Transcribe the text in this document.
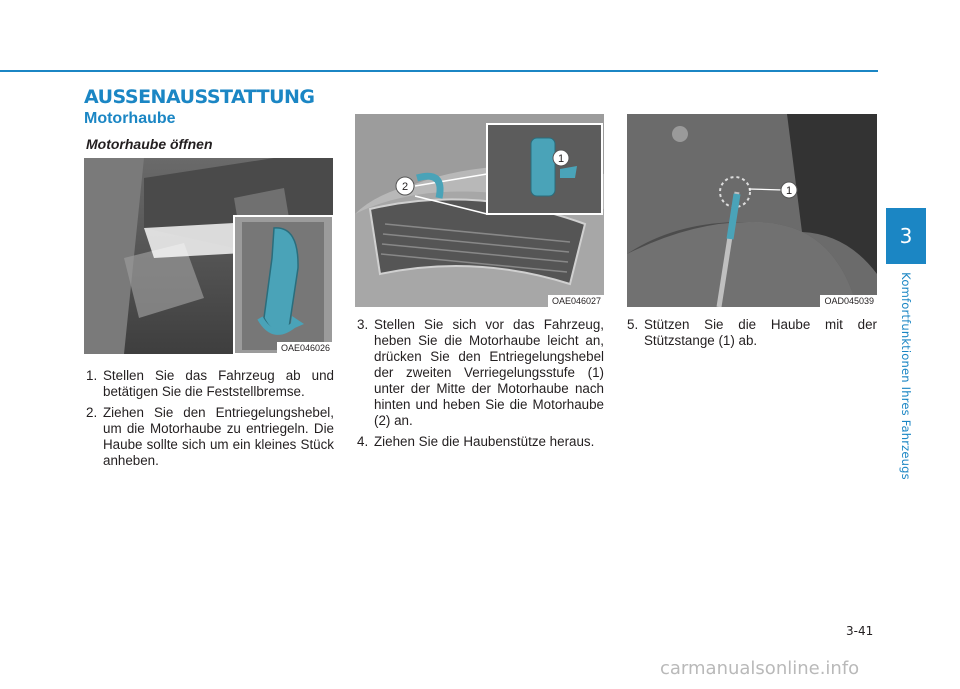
AUSSENAUSSTATTUNG
Motorhaube
Motorhaube öffnen
OAE046026
2
1
OAE046027
1
OAD045039
1. Stellen Sie das Fahrzeug ab und betätigen Sie die Feststellbremse.
2. Ziehen Sie den Entriegelungshebel, um die Motorhaube zu entriegeln. Die Haube sollte sich um ein kleines Stück anheben.
3. Stellen Sie sich vor das Fahrzeug, heben Sie die Motorhaube leicht an, drücken Sie den Entriegelungshebel der zweiten Verriegelungsstufe (1) unter der Mitte der Motorhaube nach hinten und heben Sie die Motorhaube (2) an.
4. Ziehen Sie die Haubenstütze heraus.
5. Stützen Sie die Haube mit der Stützstange (1) ab.
3
Komfortfunktionen Ihres Fahrzeugs
3-41
carmanualsonline.info
